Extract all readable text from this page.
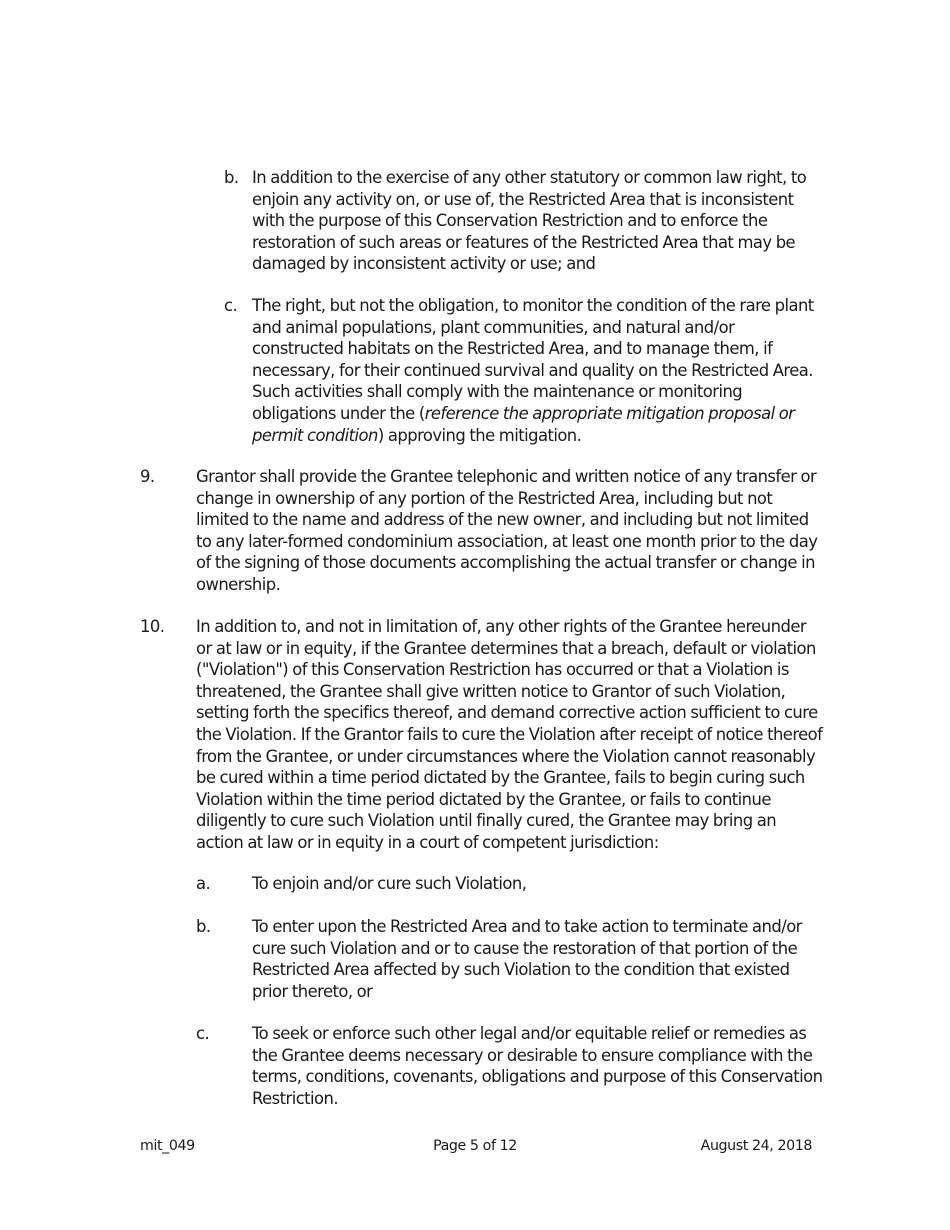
b. In addition to the exercise of any other statutory or common law right, to enjoin any activity on, or use of, the Restricted Area that is inconsistent with the purpose of this Conservation Restriction and to enforce the restoration of such areas or features of the Restricted Area that may be damaged by inconsistent activity or use; and
c. The right, but not the obligation, to monitor the condition of the rare plant and animal populations, plant communities, and natural and/or constructed habitats on the Restricted Area, and to manage them, if necessary, for their continued survival and quality on the Restricted Area. Such activities shall comply with the maintenance or monitoring obligations under the (reference the appropriate mitigation proposal or permit condition) approving the mitigation.
9.	Grantor shall provide the Grantee telephonic and written notice of any transfer or change in ownership of any portion of the Restricted Area, including but not limited to the name and address of the new owner, and including but not limited to any later-formed condominium association, at least one month prior to the day of the signing of those documents accomplishing the actual transfer or change in ownership.
10. In addition to, and not in limitation of, any other rights of the Grantee hereunder or at law or in equity, if the Grantee determines that a breach, default or violation ("Violation") of this Conservation Restriction has occurred or that a Violation is threatened, the Grantee shall give written notice to Grantor of such Violation, setting forth the specifics thereof, and demand corrective action sufficient to cure the Violation. If the Grantor fails to cure the Violation after receipt of notice thereof from the Grantee, or under circumstances where the Violation cannot reasonably be cured within a time period dictated by the Grantee, fails to begin curing such Violation within the time period dictated by the Grantee, or fails to continue diligently to cure such Violation until finally cured, the Grantee may bring an action at law or in equity in a court of competent jurisdiction:
a.	To enjoin and/or cure such Violation,
b.	To enter upon the Restricted Area and to take action to terminate and/or cure such Violation and or to cause the restoration of that portion of the Restricted Area affected by such Violation to the condition that existed prior thereto, or
c.	To seek or enforce such other legal and/or equitable relief or remedies as the Grantee deems necessary or desirable to ensure compliance with the terms, conditions, covenants, obligations and purpose of this Conservation Restriction.
mit_049	Page 5 of 12	August 24, 2018
